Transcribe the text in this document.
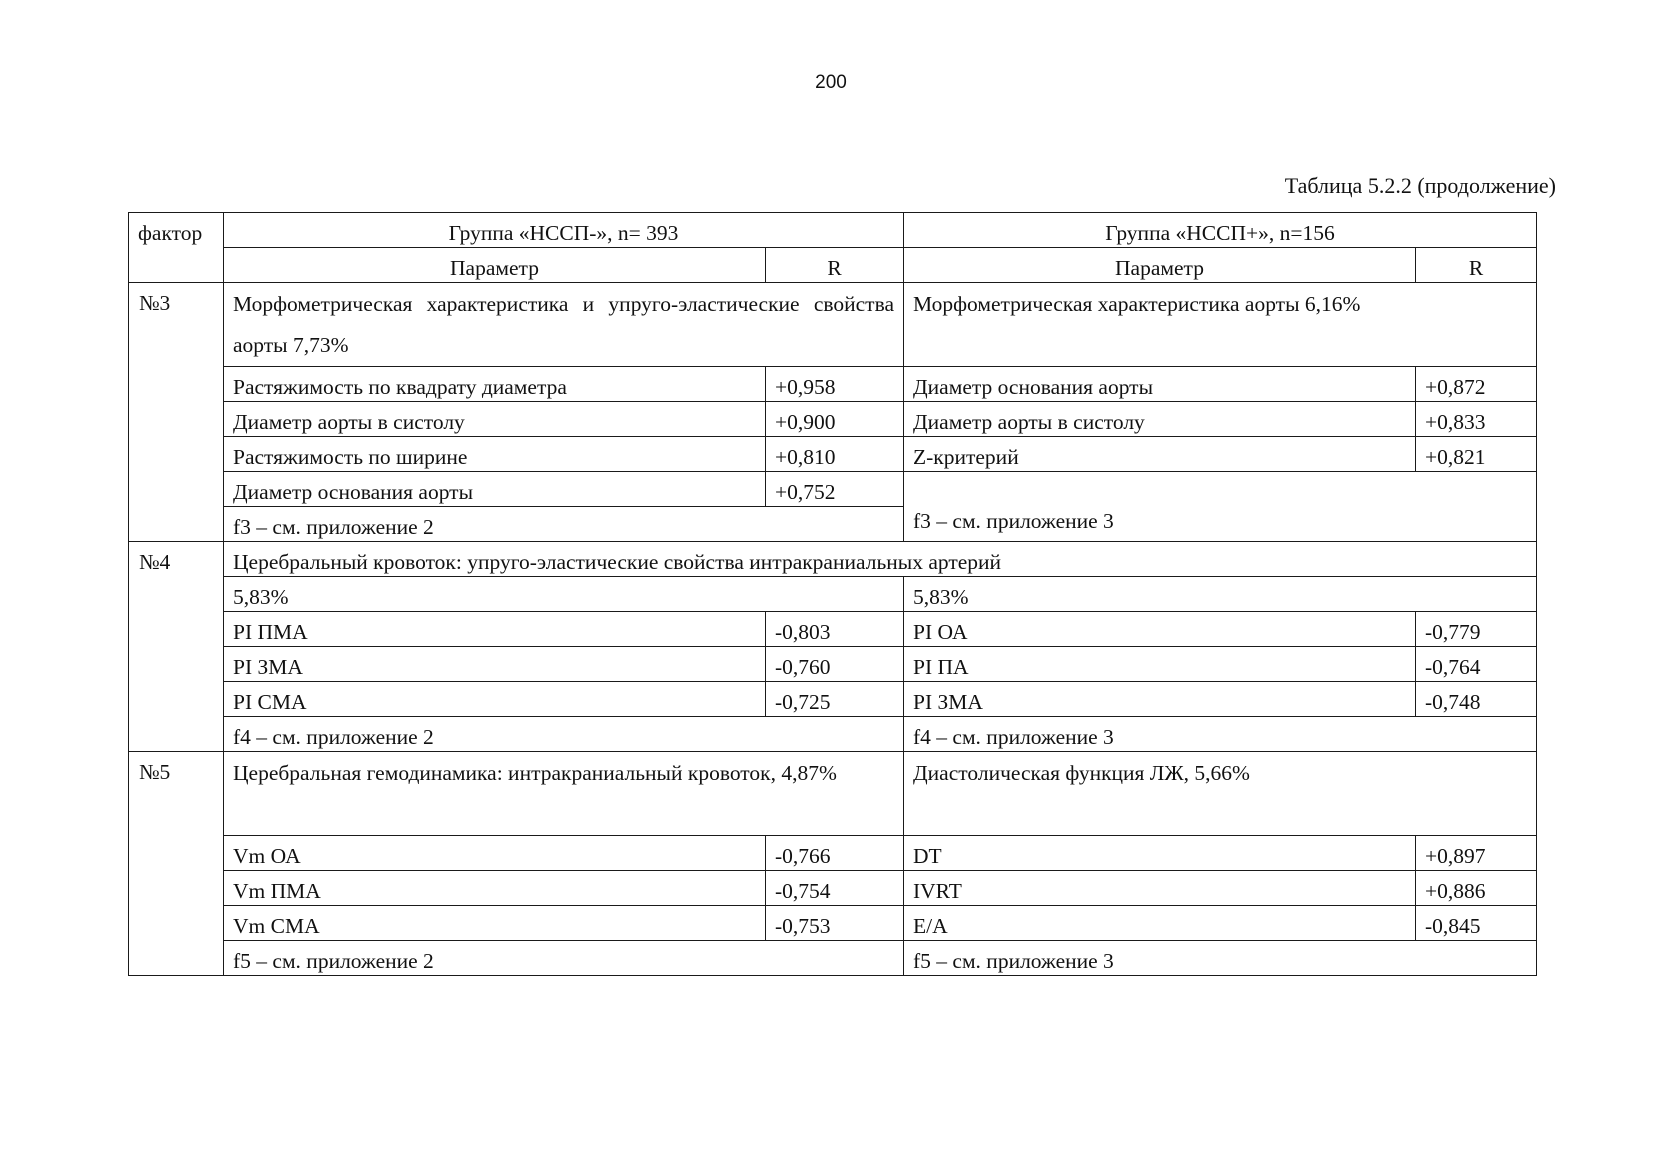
200
Таблица 5.2.2 (продолжение)
фактор	Группа «НССП-», n= 393		Группа «НССП+», n=156	
	Параметр	R	Параметр	R
№3	Морфометрическая характеристика и упруго-эластические свойства аорты 7,73%		Морфометрическая характеристика аорты 6,16%	
	Растяжимость по квадрату диаметра	+0,958	Диаметр основания аорты	+0,872
	Диаметр аорты в систолу	+0,900	Диаметр аорты в систолу	+0,833
	Растяжимость по ширине	+0,810	Z-критерий	+0,821
	Диаметр основания аорты	+0,752	f3 – см. приложение 3	
	f3 – см. приложение 2			
№4	Церебральный кровоток: упруго-эластические свойства интракраниальных артерий			
	5,83%		5,83%	
	PI ПМА	-0,803	PI ОА	-0,779
	PI ЗМА	-0,760	PI ПА	-0,764
	PI СМА	-0,725	PI ЗМА	-0,748
	f4 – см. приложение 2		f4 – см. приложение 3	
№5	Церебральная гемодинамика: интракраниальный кровоток, 4,87%		Диастолическая функция ЛЖ, 5,66%	
	Vm ОА	-0,766	DT	+0,897
	Vm ПМА	-0,754	IVRT	+0,886
	Vm СМА	-0,753	E/A	-0,845
	f5 – см. приложение 2		f5 – см. приложение 3	
